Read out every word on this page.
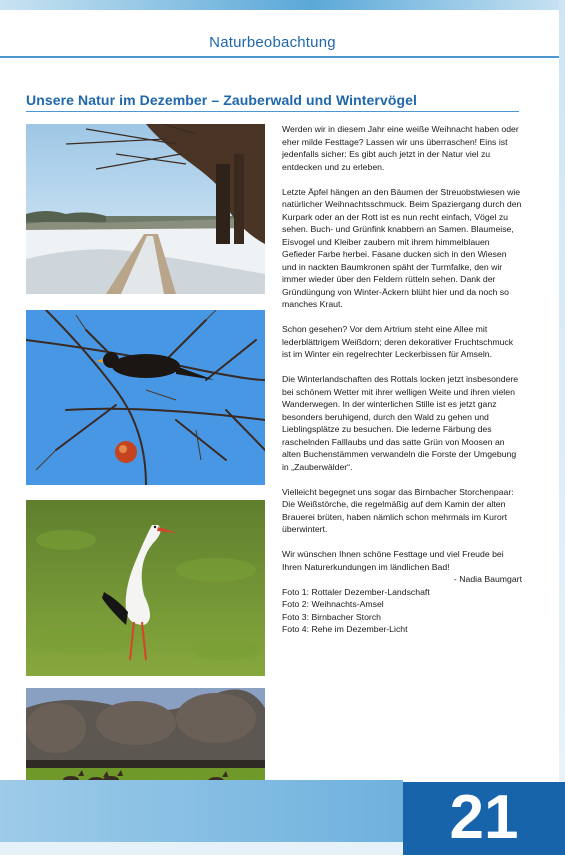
Naturbeobachtung
Unsere Natur im Dezember – Zauberwald und Wintervögel

Werden wir in diesem Jahr eine weiße Weihnacht haben oder eher milde Festtage? Lassen wir uns überraschen! Eins ist jedenfalls sicher: Es gibt auch jetzt in der Natur viel zu entdecken und zu erleben.

Letzte Äpfel hängen an den Bäumen der Streuobstwiesen wie natürlicher Weihnachtsschmuck. Beim Spaziergang durch den Kurpark oder an der Rott ist es nun recht einfach, Vögel zu sehen. Buch- und Grünfink knabbern an Samen. Blaumeise, Eisvogel und Kleiber zaubern mit ihrem himmelblauen Gefieder Farbe herbei. Fasane ducken sich in den Wiesen und in nackten Baumkronen späht der Turmfalke, den wir immer wieder über den Feldern rütteln sehen. Dank der Gründüngung von Winter-Äckern blüht hier und da noch so manches Kraut.

Schon gesehen? Vor dem Artrium steht eine Allee mit lederblättrigem Weißdorn; deren dekorativer Fruchtschmuck ist im Winter ein regelrechter Leckerbissen für Amseln.

Die Winterlandschaften des Rottals locken jetzt insbesondere bei schönem Wetter mit ihrer welligen Weite und ihren vielen Wanderwegen. In der winterlichen Stille ist es jetzt ganz besonders beruhigend, durch den Wald zu gehen und Lieblingsplätze zu besuchen. Die lederne Färbung des raschelnden Falllaubs und das satte Grün von Moosen an alten Buchenstämmen verwandeln die Forste der Umgebung in „Zauberwälder“.

Vielleicht begegnet uns sogar das Birnbacher Storchenpaar: Die Weißstörche, die regelmäßig auf dem Kamin der alten Brauerei brüten, haben nämlich schon mehrmals im Kurort überwintert.

Wir wünschen Ihnen schöne Festtage und viel Freude bei Ihren Naturerkundungen im ländlichen Bad!

- Nadia Baumgart

Foto 1: Rottaler Dezember-Landschaft

Foto 2: Weihnachts-Amsel

Foto 3: Birnbacher Storch

Foto 4: Rehe im Dezember-Licht

21
